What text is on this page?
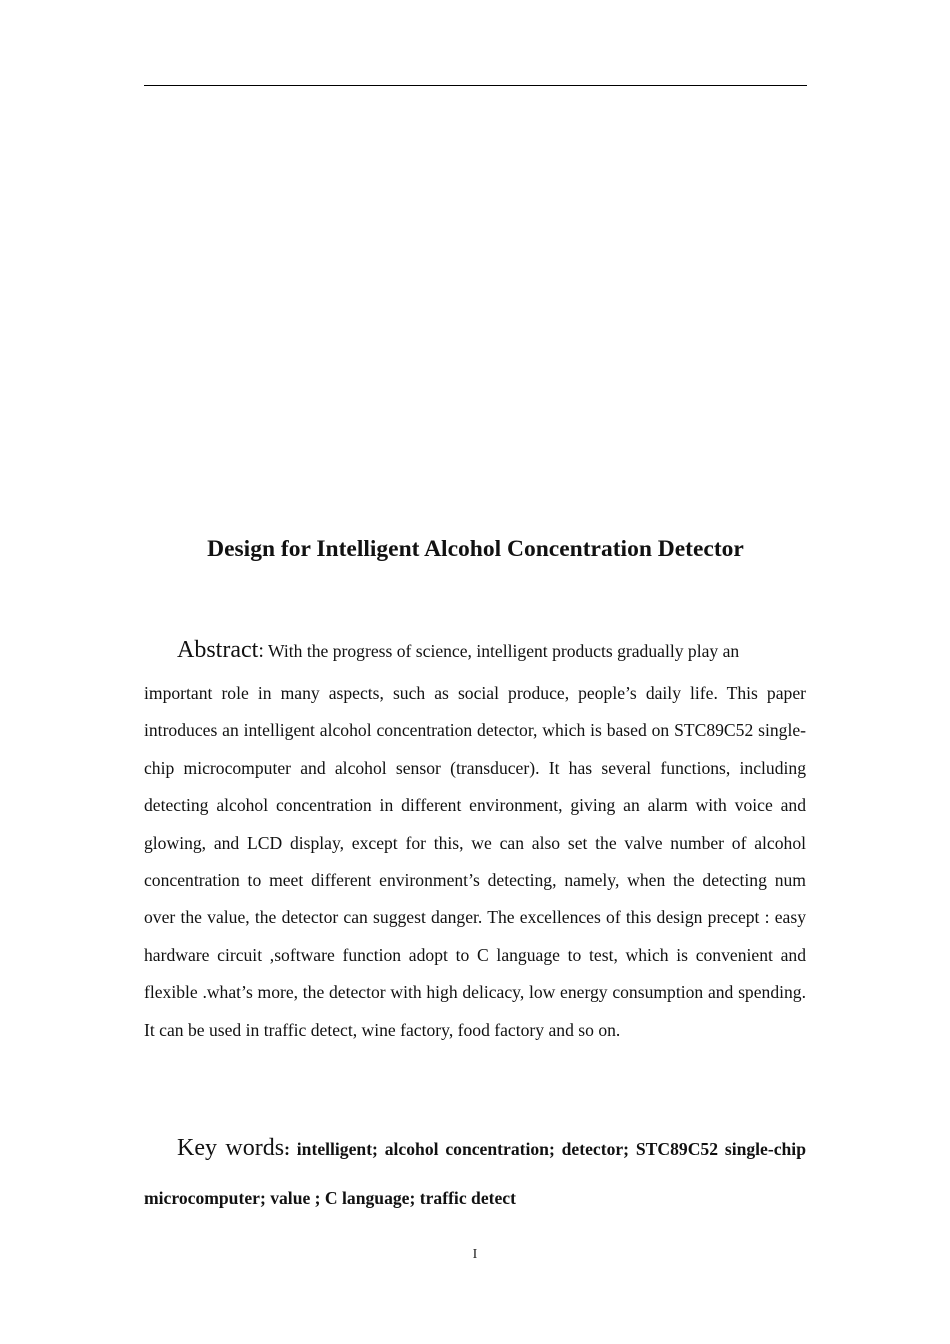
Design for Intelligent Alcohol Concentration Detector

Abstract: With the progress of science, intelligent products gradually play an

important role in many aspects, such as social produce, people’s daily life. This paper introduces an intelligent alcohol concentration detector, which is based on STC89C52 single-chip microcomputer and alcohol sensor (transducer). It has several functions, including detecting alcohol concentration in different environment, giving an alarm with voice and glowing, and LCD display, except for this, we can also set the valve number of alcohol concentration to meet different environment’s detecting, namely, when the detecting num over the value, the detector can suggest danger. The excellences of this design precept : easy hardware circuit ,software function adopt to C language to test, which is convenient and flexible .what’s more, the detector with high delicacy, low energy consumption and spending. It can be used in traffic detect, wine factory, food factory and so on.

Key words: intelligent; alcohol concentration; detector; STC89C52 single-chip microcomputer; value ; C language; traffic detect

I
